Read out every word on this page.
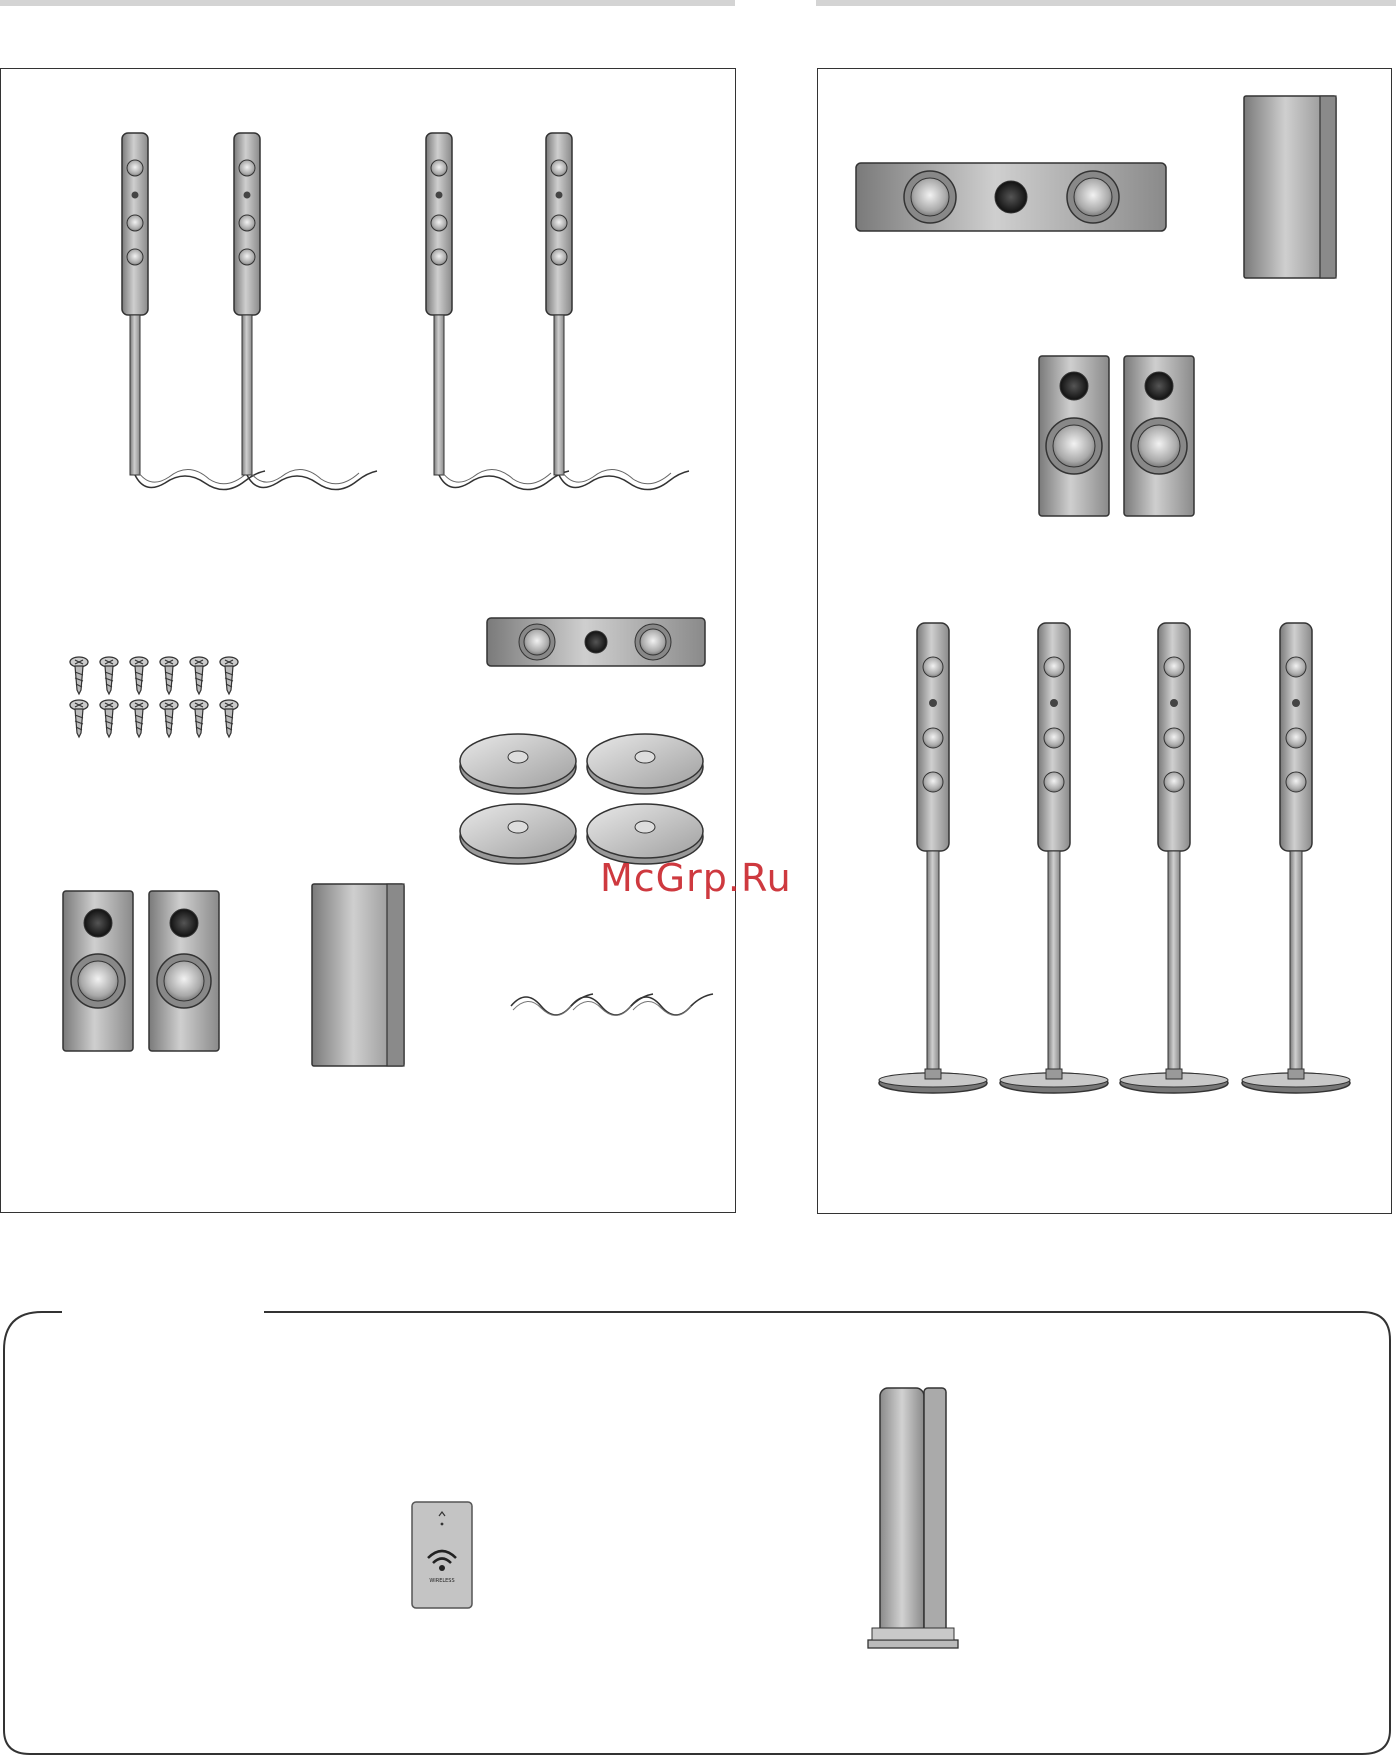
McGrp.Ru
WIRELESS
